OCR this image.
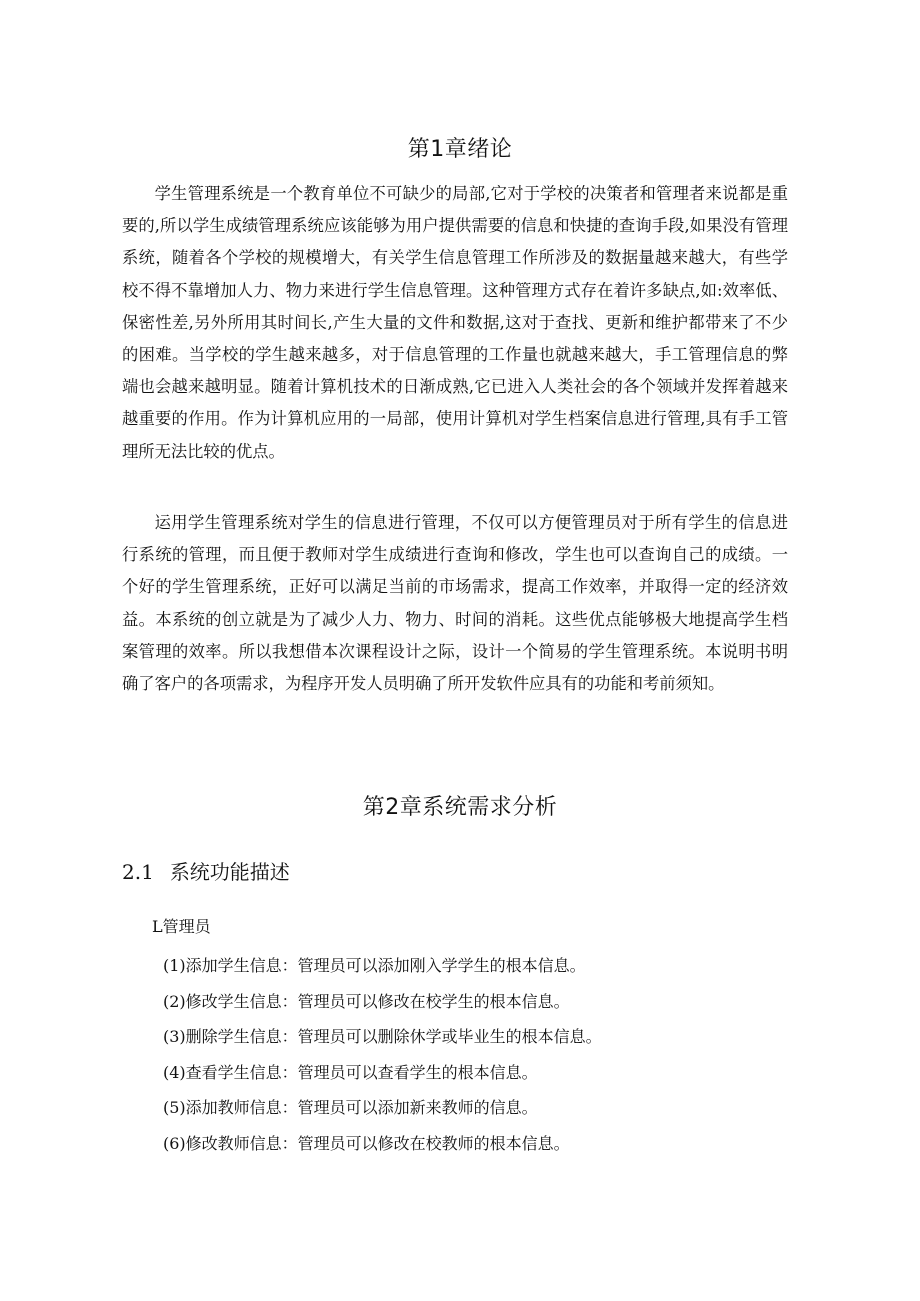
第1章绪论

学生管理系统是一个教育单位不可缺少的局部,它对于学校的决策者和管理者来说都是重要的,所以学生成绩管理系统应该能够为用户提供需要的信息和快捷的查询手段,如果没有管理系统，随着各个学校的规模增大，有关学生信息管理工作所涉及的数据量越来越大，有些学校不得不靠增加人力、物力来进行学生信息管理。这种管理方式存在着许多缺点,如:效率低、保密性差,另外所用其时间长,产生大量的文件和数据,这对于查找、更新和维护都带来了不少的困难。当学校的学生越来越多，对于信息管理的工作量也就越来越大，手工管理信息的弊端也会越来越明显。随着计算机技术的日渐成熟,它已进入人类社会的各个领域并发挥着越来越重要的作用。作为计算机应用的一局部，使用计算机对学生档案信息进行管理,具有手工管理所无法比较的优点。

运用学生管理系统对学生的信息进行管理，不仅可以方便管理员对于所有学生的信息进行系统的管理，而且便于教师对学生成绩进行查询和修改，学生也可以查询自己的成绩。一个好的学生管理系统，正好可以满足当前的市场需求，提高工作效率，并取得一定的经济效益。本系统的创立就是为了减少人力、物力、时间的消耗。这些优点能够极大地提高学生档案管理的效率。所以我想借本次课程设计之际，设计一个简易的学生管理系统。本说明书明确了客户的各项需求，为程序开发人员明确了所开发软件应具有的功能和考前须知。

第2章系统需求分析
2.1 系统功能描述

L管理员

(1)添加学生信息：管理员可以添加刚入学学生的根本信息。
(2)修改学生信息：管理员可以修改在校学生的根本信息。
(3)删除学生信息：管理员可以删除休学或毕业生的根本信息。
(4)查看学生信息：管理员可以查看学生的根本信息。
(5)添加教师信息：管理员可以添加新来教师的信息。
(6)修改教师信息：管理员可以修改在校教师的根本信息。
